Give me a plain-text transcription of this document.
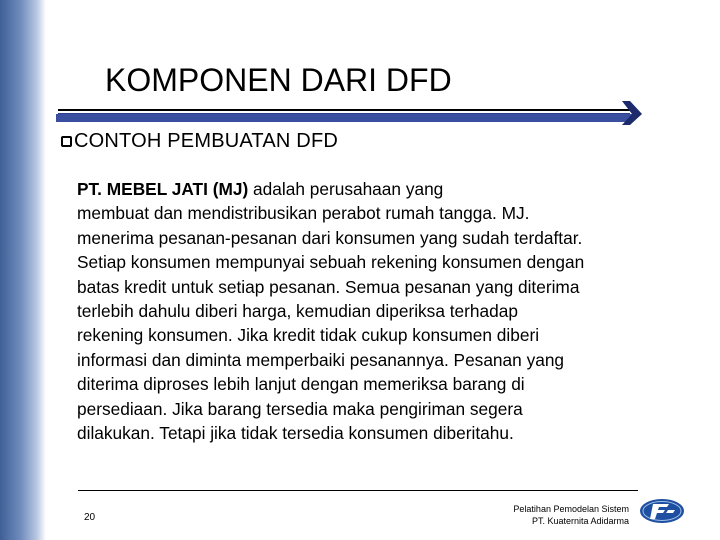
KOMPONEN DARI DFD
CONTOH PEMBUATAN DFD
PT. MEBEL JATI (MJ) adalah perusahaan yang
membuat dan mendistribusikan perabot rumah tangga. MJ.
menerima pesanan-pesanan dari konsumen yang sudah terdaftar.
Setiap konsumen mempunyai sebuah rekening konsumen dengan
batas kredit untuk setiap pesanan. Semua pesanan yang diterima
terlebih dahulu diberi harga, kemudian diperiksa terhadap
rekening konsumen. Jika kredit tidak cukup konsumen diberi
informasi dan diminta memperbaiki pesanannya. Pesanan yang
diterima diproses lebih lanjut dengan memeriksa barang di
persediaan. Jika barang tersedia maka pengiriman segera
dilakukan. Tetapi jika tidak tersedia konsumen diberitahu.
20
Pelatihan Pemodelan Sistem
PT. Kuaternita Adidarma
